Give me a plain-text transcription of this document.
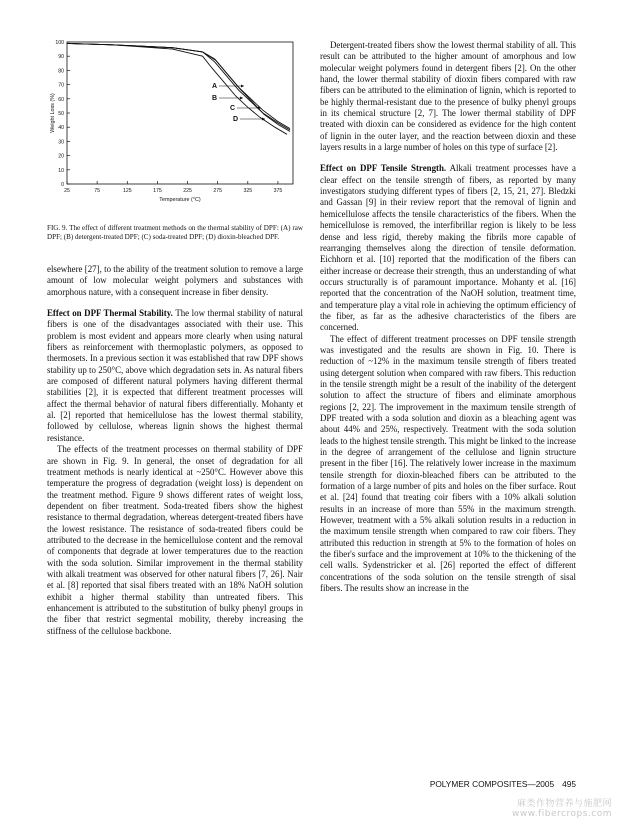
0
10
20
30
40
50
60
70
80
90
100
25	75	125	175	225	275	325	375
Temperature (°C)
Weight Loss (%)
A
B
C
D
FIG. 9. The effect of different treatment methods on the thermal stability of DPF: (A) raw DPF; (B) detergent-treated DPF; (C) soda-treated DPF; (D) dioxin-bleached DPF.

elsewhere [27], to the ability of the treatment solution to remove a large amount of low molecular weight polymers and substances with amorphous nature, with a consequent increase in fiber density.

Effect on DPF Thermal Stability. The low thermal stability of natural fibers is one of the disadvantages associated with their use. This problem is most evident and appears more clearly when using natural fibers as reinforcement with thermoplastic polymers, as opposed to thermosets. In a previous section it was established that raw DPF shows stability up to 250°C, above which degradation sets in. As natural fibers are composed of different natural polymers having different thermal stabilities [2], it is expected that different treatment processes will affect the thermal behavior of natural fibers differentially. Mohanty et al. [2] reported that hemicellulose has the lowest thermal stability, followed by cellulose, whereas lignin shows the highest thermal resistance.

The effects of the treatment processes on thermal stability of DPF are shown in Fig. 9. In general, the onset of degradation for all treatment methods is nearly identical at ~250°C. However above this temperature the progress of degradation (weight loss) is dependent on the treatment method. Figure 9 shows different rates of weight loss, dependent on fiber treatment. Soda-treated fibers show the highest resistance to thermal degradation, whereas detergent-treated fibers have the lowest resistance. The resistance of soda-treated fibers could be attributed to the decrease in the hemicellulose content and the removal of components that degrade at lower temperatures due to the reaction with the soda solution. Similar improvement in the thermal stability with alkali treatment was observed for other natural fibers [7, 26]. Nair et al. [8] reported that sisal fibers treated with an 18% NaOH solution exhibit a higher thermal stability than untreated fibers. This enhancement is attributed to the substitution of bulky phenyl groups in the fiber that restrict segmental mobility, thereby increasing the stiffness of the cellulose backbone.

Detergent-treated fibers show the lowest thermal stability of all. This result can be attributed to the higher amount of amorphous and low molecular weight polymers found in detergent fibers [2]. On the other hand, the lower thermal stability of dioxin fibers compared with raw fibers can be attributed to the elimination of lignin, which is reported to be highly thermal-resistant due to the presence of bulky phenyl groups in its chemical structure [2, 7]. The lower thermal stability of DPF treated with dioxin can be considered as evidence for the high content of lignin in the outer layer, and the reaction between dioxin and these layers results in a large number of holes on this type of surface [2].

Effect on DPF Tensile Strength. Alkali treatment processes have a clear effect on the tensile strength of fibers, as reported by many investigators studying different types of fibers [2, 15, 21, 27]. Bledzki and Gassan [9] in their review report that the removal of lignin and hemicellulose affects the tensile characteristics of the fibers. When the hemicellulose is removed, the interfibrillar region is likely to be less dense and less rigid, thereby making the fibrils more capable of rearranging themselves along the direction of tensile deformation. Eichhorn et al. [10] reported that the modification of the fibers can either increase or decrease their strength, thus an understanding of what occurs structurally is of paramount importance. Mohanty et al. [16] reported that the concentration of the NaOH solution, treatment time, and temperature play a vital role in achieving the optimum efficiency of the fiber, as far as the adhesive characteristics of the fibers are concerned.

The effect of different treatment processes on DPF tensile strength was investigated and the results are shown in Fig. 10. There is reduction of ~12% in the maximum tensile strength of fibers treated using detergent solution when compared with raw fibers. This reduction in the tensile strength might be a result of the inability of the detergent solution to affect the structure of fibers and eliminate amorphous regions [2, 22]. The improvement in the maximum tensile strength of DPF treated with a soda solution and dioxin as a bleaching agent was about 44% and 25%, respectively. Treatment with the soda solution leads to the highest tensile strength. This might be linked to the increase in the degree of arrangement of the cellulose and lignin structure present in the fiber [16]. The relatively lower increase in the maximum tensile strength for dioxin-bleached fibers can be attributed to the formation of a large number of pits and holes on the fiber surface. Rout et al. [24] found that treating coir fibers with a 10% alkali solution results in an increase of more than 55% in the maximum strength. However, treatment with a 5% alkali solution results in a reduction in the maximum tensile strength when compared to raw coir fibers. They attributed this reduction in strength at 5% to the formation of holes on the fiber's surface and the improvement at 10% to the thickening of the cell walls. Sydenstricker et al. [26] reported the effect of different concentrations of the soda solution on the tensile strength of sisal fibers. The results show an increase in the

POLYMER COMPOSITES—2005 495
麻类作物营养与施肥网 www.fibercrops.com
